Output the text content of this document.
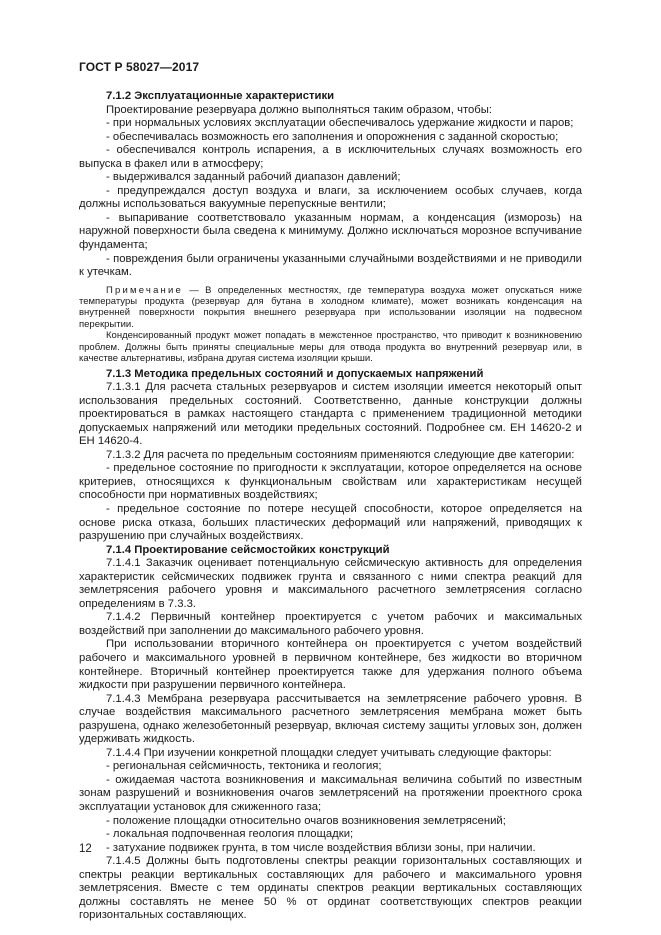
ГОСТ Р 58027—2017

7.1.2 Эксплуатационные характеристики

Проектирование резервуара должно выполняться таким образом, чтобы:

- при нормальных условиях эксплуатации обеспечивалось удержание жидкости и паров;

- обеспечивалась возможность его заполнения и опорожнения с заданной скоростью;

- обеспечивался контроль испарения, а в исключительных случаях возможность его выпуска в факел или в атмосферу;

- выдерживался заданный рабочий диапазон давлений;

- предупреждался доступ воздуха и влаги, за исключением особых случаев, когда должны использоваться вакуумные перепускные вентили;

- выпаривание соответствовало указанным нормам, а конденсация (изморозь) на наружной поверхности была сведена к минимуму. Должно исключаться морозное вспучивание фундамента;

- повреждения были ограничены указанными случайными воздействиями и не приводили к утечкам.

Примечание — В определенных местностях, где температура воздуха может опускаться ниже температуры продукта (резервуар для бутана в холодном климате), может возникать конденсация на внутренней поверхности покрытия внешнего резервуара при использовании изоляции на подвесном перекрытии.

Конденсированный продукт может попадать в межстенное пространство, что приводит к возникновению проблем. Должны быть приняты специальные меры для отвода продукта во внутренний резервуар или, в качестве альтернативы, избрана другая система изоляции крыши.

7.1.3 Методика предельных состояний и допускаемых напряжений

7.1.3.1 Для расчета стальных резервуаров и систем изоляции имеется некоторый опыт использования предельных состояний. Соответственно, данные конструкции должны проектироваться в рамках настоящего стандарта с применением традиционной методики допускаемых напряжений или методики предельных состояний. Подробнее см. ЕН 14620-2 и ЕН 14620-4.

7.1.3.2 Для расчета по предельным состояниям применяются следующие две категории:

- предельное состояние по пригодности к эксплуатации, которое определяется на основе критериев, относящихся к функциональным свойствам или характеристикам несущей способности при нормативных воздействиях;

- предельное состояние по потере несущей способности, которое определяется на основе риска отказа, больших пластических деформаций или напряжений, приводящих к разрушению при случайных воздействиях.

7.1.4 Проектирование сейсмостойких конструкций

7.1.4.1 Заказчик оценивает потенциальную сейсмическую активность для определения характеристик сейсмических подвижек грунта и связанного с ними спектра реакций для землетрясения рабочего уровня и максимального расчетного землетрясения согласно определениям в 7.3.3.

7.1.4.2 Первичный контейнер проектируется с учетом рабочих и максимальных воздействий при заполнении до максимального рабочего уровня.

При использовании вторичного контейнера он проектируется с учетом воздействий рабочего и максимального уровней в первичном контейнере, без жидкости во вторичном контейнере. Вторичный контейнер проектируется также для удержания полного объема жидкости при разрушении первичного контейнера.

7.1.4.3 Мембрана резервуара рассчитывается на землетрясение рабочего уровня. В случае воздействия максимального расчетного землетрясения мембрана может быть разрушена, однако железобетонный резервуар, включая систему защиты угловых зон, должен удерживать жидкость.

7.1.4.4 При изучении конкретной площадки следует учитывать следующие факторы:

- региональная сейсмичность, тектоника и геология;

- ожидаемая частота возникновения и максимальная величина событий по известным зонам разрушений и возникновения очагов землетрясений на протяжении проектного срока эксплуатации установок для сжиженного газа;

- положение площадки относительно очагов возникновения землетрясений;

- локальная подпочвенная геология площадки;

- затухание подвижек грунта, в том числе воздействия вблизи зоны, при наличии.

7.1.4.5 Должны быть подготовлены спектры реакции горизонтальных составляющих и спектры реакции вертикальных составляющих для рабочего и максимального уровня землетрясения. Вместе с тем ординаты спектров реакции вертикальных составляющих должны составлять не менее 50 % от ординат соответствующих спектров реакции горизонтальных составляющих.

12
